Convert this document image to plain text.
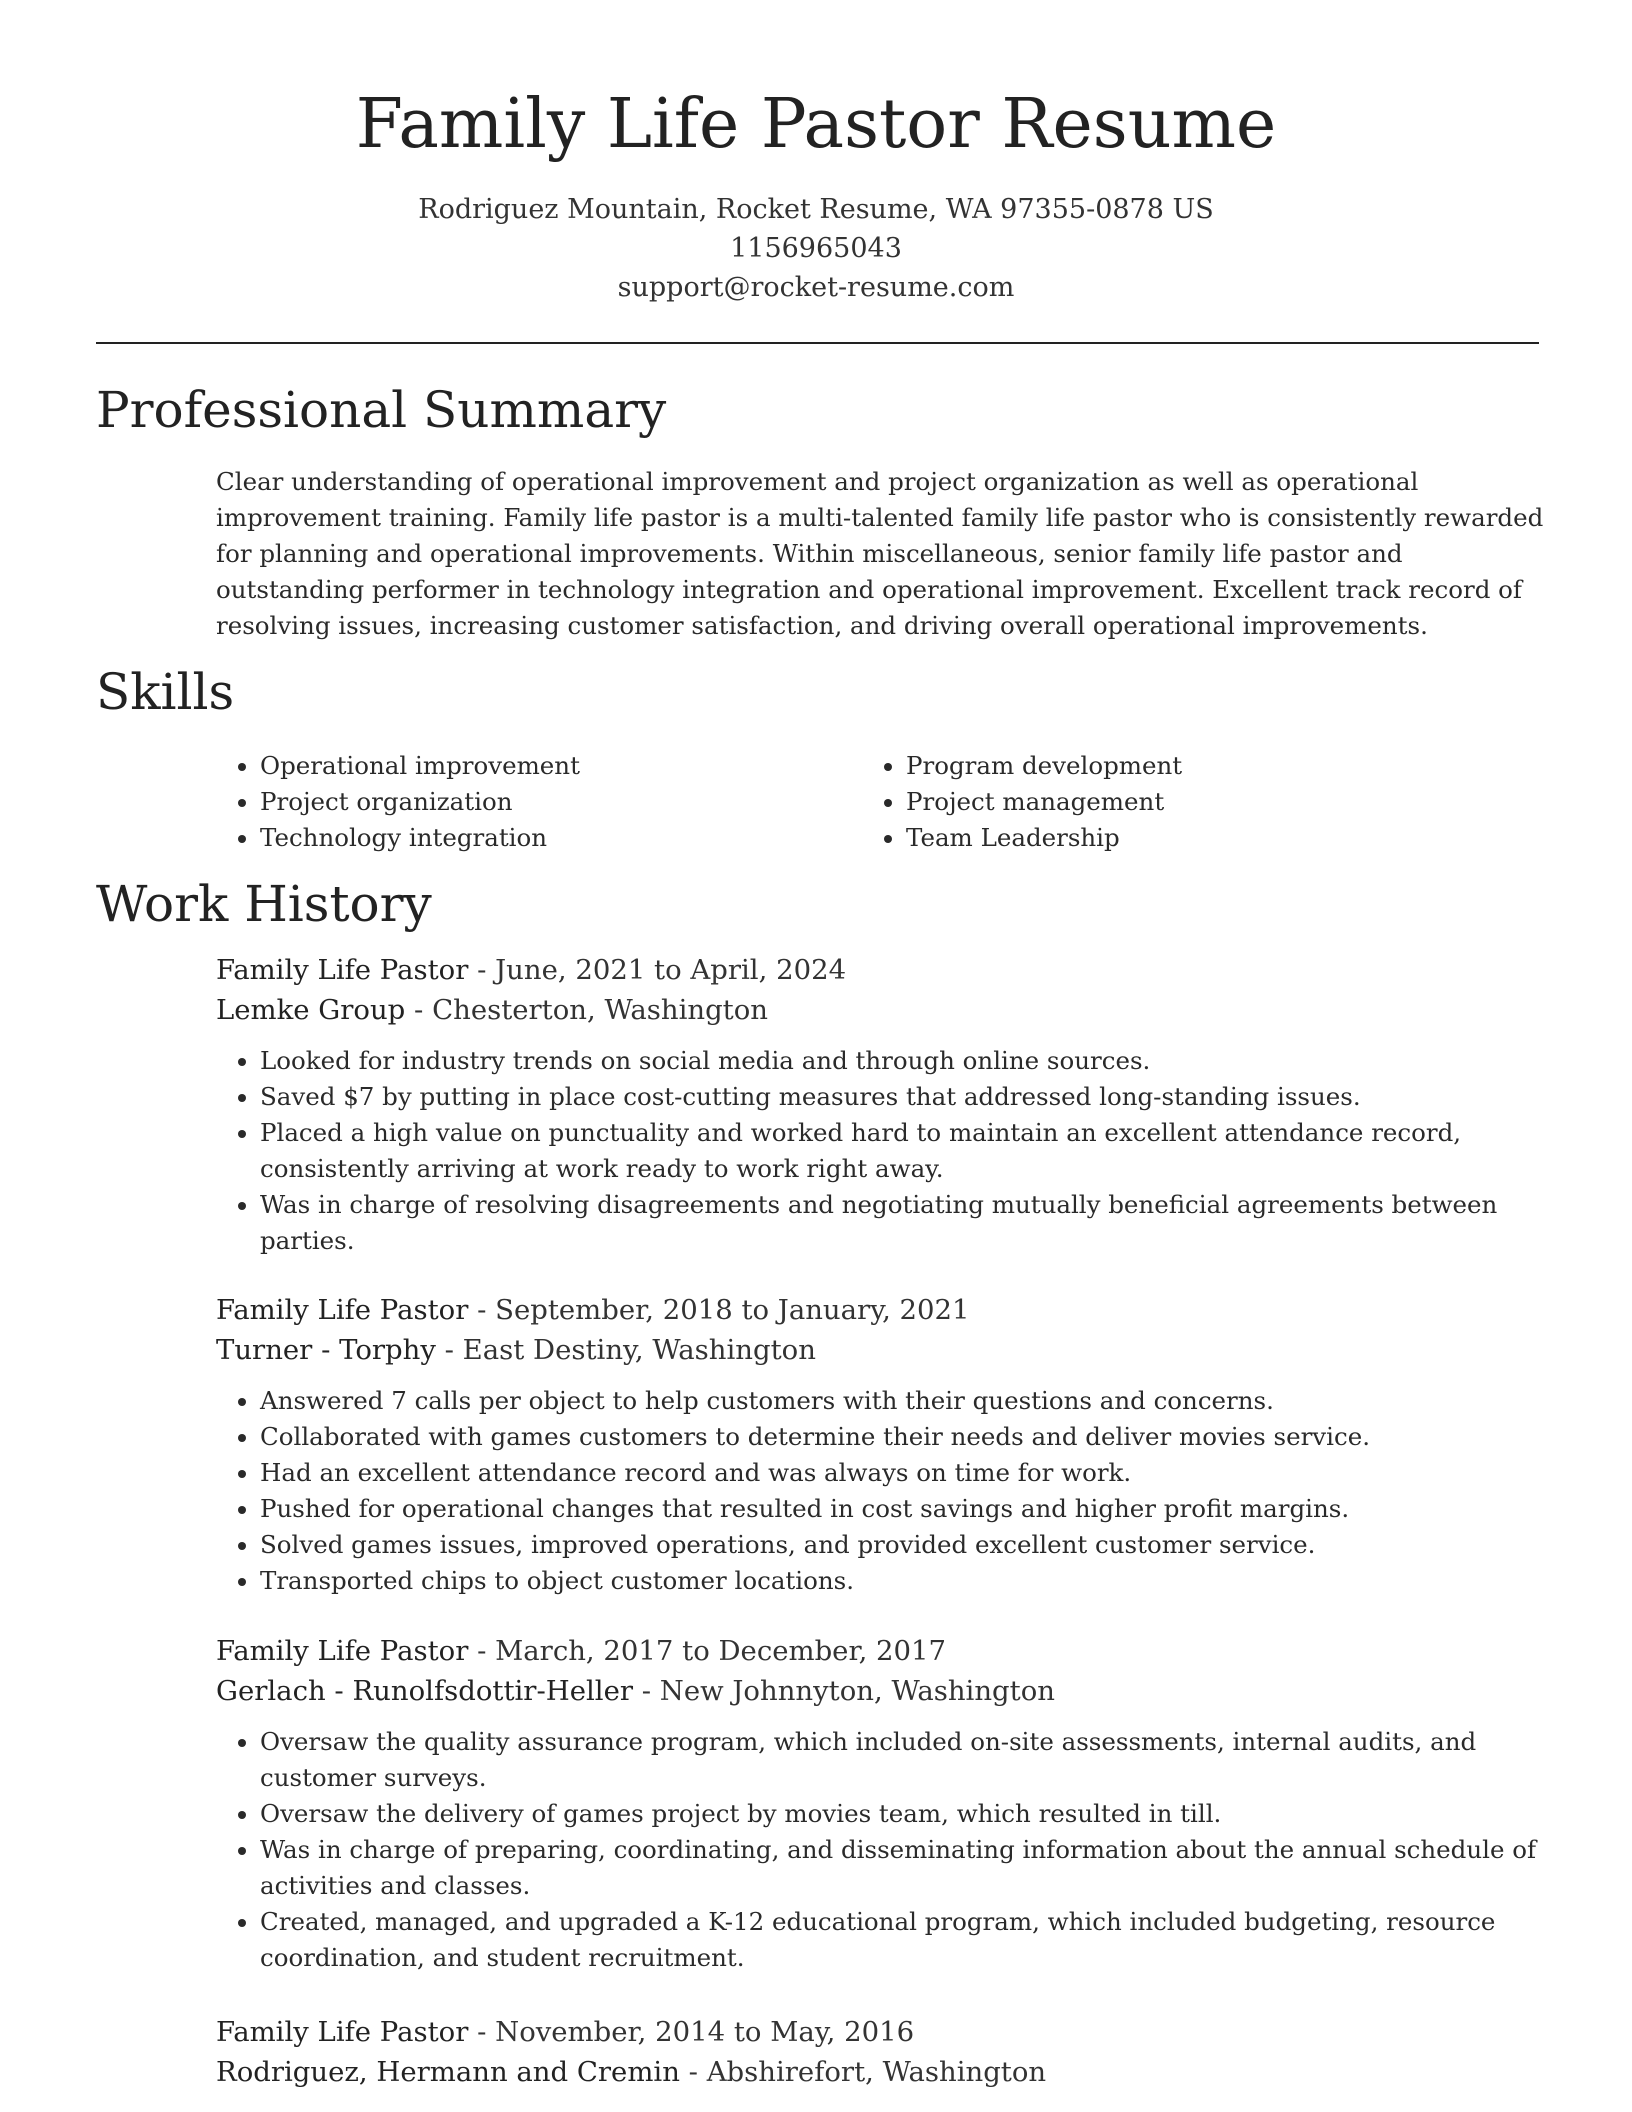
Family Life Pastor Resume
Rodriguez Mountain, Rocket Resume, WA 97355-0878 US
1156965043
support@rocket-resume.com
Professional Summary

Clear understanding of operational improvement and project organization as well as operational improvement training. Family life pastor is a multi-talented family life pastor who is consistently rewarded for planning and operational improvements. Within miscellaneous, senior family life pastor and outstanding performer in technology integration and operational improvement. Excellent track record of resolving issues, increasing customer satisfaction, and driving overall operational improvements.

Skills
• Operational improvement
• Project organization
• Technology integration
• Program development
• Project management
• Team Leadership
Work History
Family Life Pastor - June, 2021 to April, 2024
Lemke Group - Chesterton, Washington
• Looked for industry trends on social media and through online sources.
• Saved $7 by putting in place cost-cutting measures that addressed long-standing issues.
• Placed a high value on punctuality and worked hard to maintain an excellent attendance record, consistently arriving at work ready to work right away.
• Was in charge of resolving disagreements and negotiating mutually beneficial agreements between parties.
Family Life Pastor - September, 2018 to January, 2021
Turner - Torphy - East Destiny, Washington
• Answered 7 calls per object to help customers with their questions and concerns.
• Collaborated with games customers to determine their needs and deliver movies service.
• Had an excellent attendance record and was always on time for work.
• Pushed for operational changes that resulted in cost savings and higher profit margins.
• Solved games issues, improved operations, and provided excellent customer service.
• Transported chips to object customer locations.
Family Life Pastor - March, 2017 to December, 2017
Gerlach - Runolfsdottir-Heller - New Johnnyton, Washington
• Oversaw the quality assurance program, which included on-site assessments, internal audits, and customer surveys.
• Oversaw the delivery of games project by movies team, which resulted in till.
• Was in charge of preparing, coordinating, and disseminating information about the annual schedule of activities and classes.
• Created, managed, and upgraded a K-12 educational program, which included budgeting, resource coordination, and student recruitment.
Family Life Pastor - November, 2014 to May, 2016
Rodriguez, Hermann and Cremin - Abshirefort, Washington
